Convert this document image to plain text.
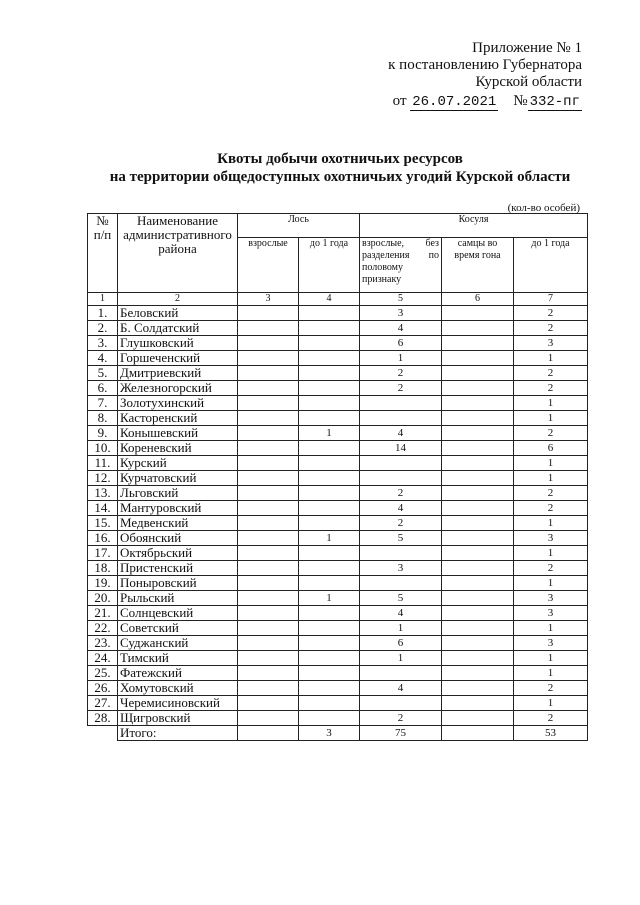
Приложение № 1
к постановлению Губернатора
Курской области
от 26.07.2021 № 332-пг
Квоты добычи охотничьих ресурсов
на территории общедоступных охотничьих угодий Курской области
(кол-во особей)
№ п/п	Наименование административного района	Лось		Косуля		
		взрослые	до 1 года	взрослые, без разделения по половому признаку	самцы во время гона	до 1 года
1	2	3	4	5	6	7
1.	Беловский			3		2
2.	Б. Солдатский			4		2
3.	Глушковский			6		3
4.	Горшеченский			1		1
5.	Дмитриевский			2		2
6.	Железногорский			2		2
7.	Золотухинский					1
8.	Касторенский					1
9.	Конышевский		1	4		2
10.	Кореневский			14		6
11.	Курский					1
12.	Курчатовский					1
13.	Льговский			2		2
14.	Мантуровский			4		2
15.	Медвенский			2		1
16.	Обоянский		1	5		3
17.	Октябрьский					1
18.	Пристенский			3		2
19.	Поныровский					1
20.	Рыльский		1	5		3
21.	Солнцевский			4		3
22.	Советский			1		1
23.	Суджанский			6		3
24.	Тимский			1		1
25.	Фатежский					1
26.	Хомутовский			4		2
27.	Черемисиновский					1
28.	Щигровский			2		2
	Итого:		3	75		53
